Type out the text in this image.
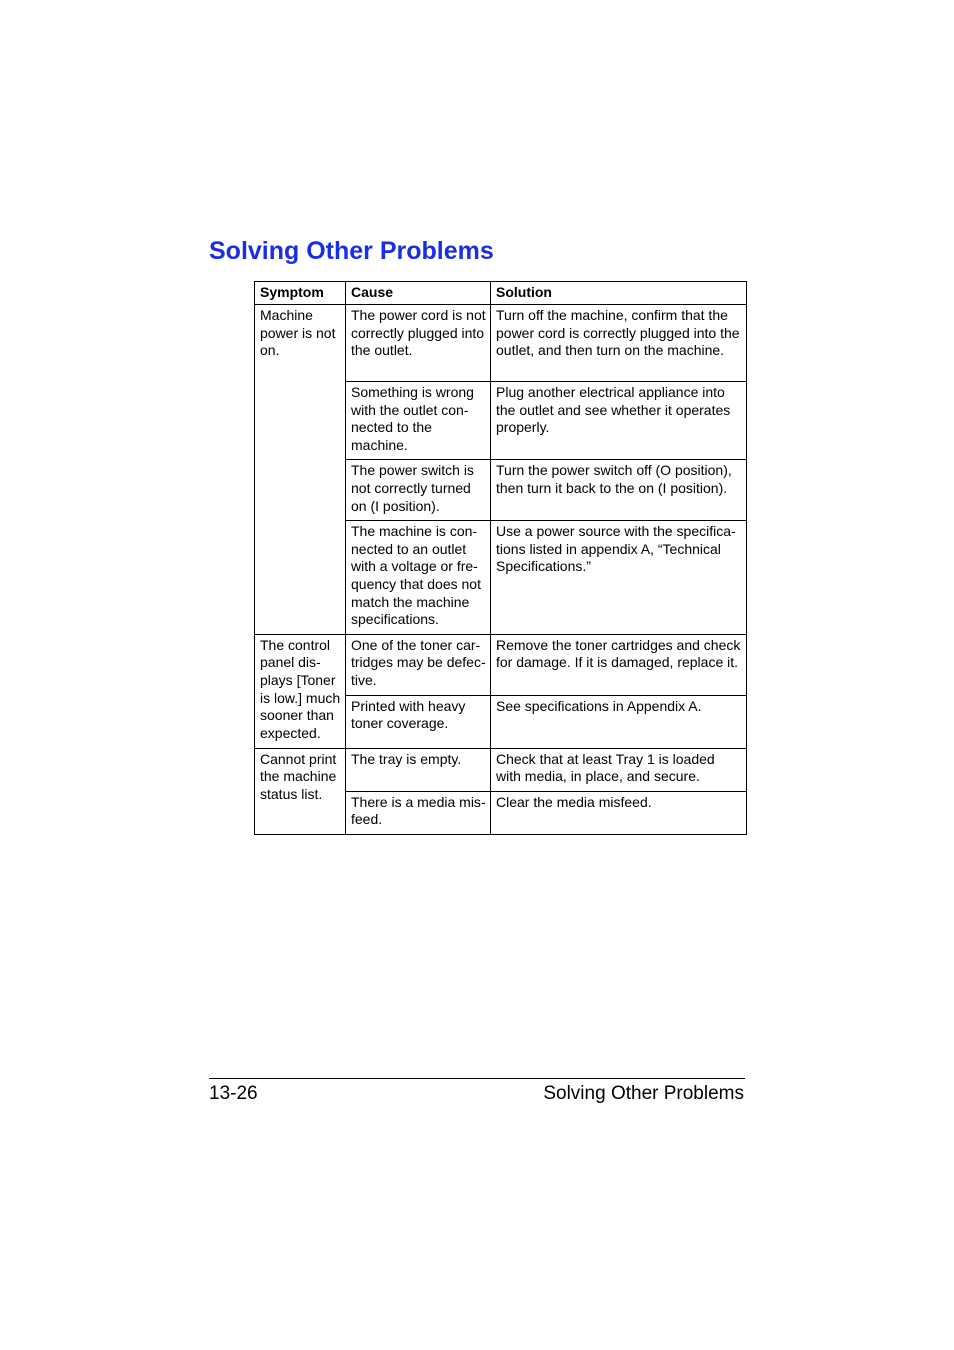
Solving Other Problems
Symptom	Cause	Solution
Machine power is not on.	The power cord is not correctly plugged into the outlet.	Turn off the machine, confirm that the power cord is correctly plugged into the outlet, and then turn on the machine.
	Something is wrong with the outlet connected to the machine.	Plug another electrical appliance into the outlet and see whether it operates properly.
	The power switch is not correctly turned on (I position).	Turn the power switch off (O position), then turn it back to the on (I position).
	The machine is connected to an outlet with a voltage or frequency that does not match the machine specifications.	Use a power source with the specifications listed in appendix A, “Technical Specifications.”
The control panel displays [Toner is low.] much sooner than expected.	One of the toner cartridges may be defective.	Remove the toner cartridges and check for damage. If it is damaged, replace it.
	Printed with heavy toner coverage.	See specifications in Appendix A.
Cannot print the machine status list.	The tray is empty.	Check that at least Tray 1 is loaded with media, in place, and secure.
	There is a media misfeed.	Clear the media misfeed.
13-26	Solving Other Problems
